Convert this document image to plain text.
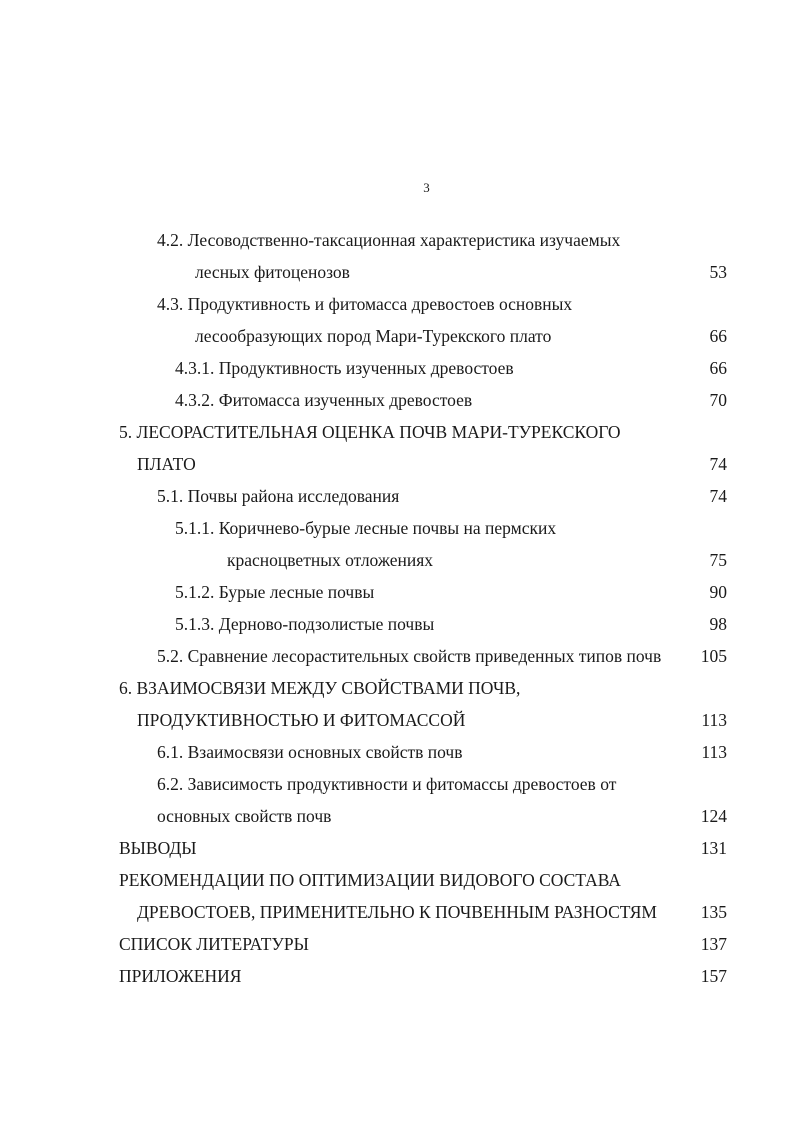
3
4.2. Лесоводственно-таксационная характеристика изучаемых
лесных фитоценозов	53
4.3. Продуктивность и фитомасса древостоев основных
лесообразующих пород Мари-Турекского плато	66
4.3.1. Продуктивность изученных древостоев	66
4.3.2. Фитомасса изученных древостоев	70
5. ЛЕСОРАСТИТЕЛЬНАЯ ОЦЕНКА ПОЧВ МАРИ-ТУРЕКСКОГО
ПЛАТО	74
5.1. Почвы района исследования	74
5.1.1. Коричнево-бурые лесные почвы на пермских
красноцветных отложениях	75
5.1.2. Бурые лесные почвы	90
5.1.3. Дерново-подзолистые почвы	98
5.2. Сравнение лесорастительных свойств приведенных типов почв 105
6. ВЗАИМОСВЯЗИ МЕЖДУ СВОЙСТВАМИ ПОЧВ,
ПРОДУКТИВНОСТЬЮ И ФИТОМАССОЙ	113
6.1. Взаимосвязи основных свойств почв	113
6.2. Зависимость продуктивности и фитомассы древостоев от
основных свойств почв	124
ВЫВОДЫ	131
РЕКОМЕНДАЦИИ ПО ОПТИМИЗАЦИИ ВИДОВОГО СОСТАВА
ДРЕВОСТОЕВ, ПРИМЕНИТЕЛЬНО К ПОЧВЕННЫМ РАЗНОСТЯМ	135
СПИСОК ЛИТЕРАТУРЫ	137
ПРИЛОЖЕНИЯ	157
